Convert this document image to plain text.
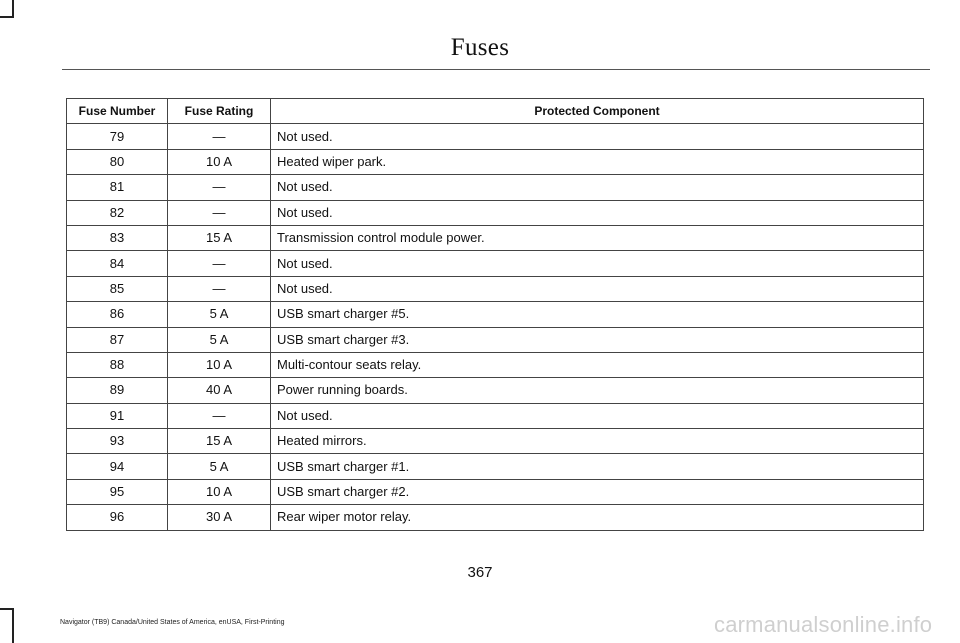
Fuses
Fuse Number	Fuse Rating	Protected Component
79	—	Not used.
80	10 A	Heated wiper park.
81	—	Not used.
82	—	Not used.
83	15 A	Transmission control module power.
84	—	Not used.
85	—	Not used.
86	5 A	USB smart charger #5.
87	5 A	USB smart charger #3.
88	10 A	Multi-contour seats relay.
89	40 A	Power running boards.
91	—	Not used.
93	15 A	Heated mirrors.
94	5 A	USB smart charger #1.
95	10 A	USB smart charger #2.
96	30 A	Rear wiper motor relay.
367
Navigator (TB9) Canada/United States of America, enUSA, First-Printing	carmanualsonline.info
